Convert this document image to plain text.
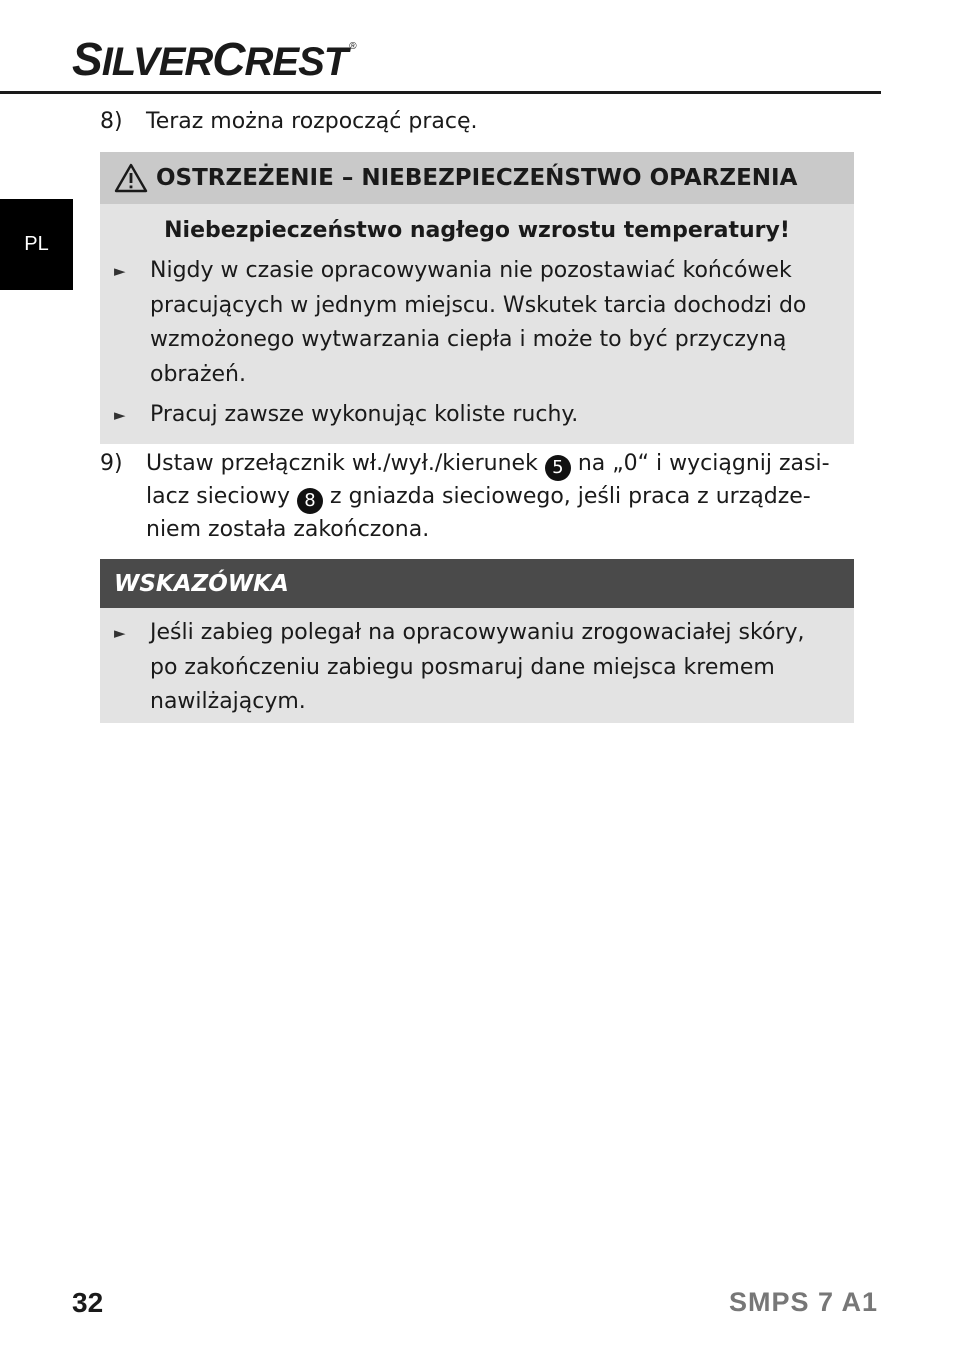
SILVERCREST ®
PL
8)	Teraz można rozpocząć pracę.
OSTRZEŻENIE – NIEBEZPIECZEŃSTWO OPARZENIA
Niebezpieczeństwo nagłego wzrostu temperatury!
►	Nigdy w czasie opracowywania nie pozostawiać końcówek pracujących w jednym miejscu. Wskutek tarcia dochodzi do wzmożonego wytwarzania ciepła i może to być przyczyną obrażeń.
►	Pracuj zawsze wykonując koliste ruchy.
9)	Ustaw przełącznik wł./wył./kierunek 5 na „0“ i wyciągnij zasi-lacz sieciowy 8 z gniazda sieciowego, jeśli praca z urządze-niem została zakończona.
WSKAZÓWKA
►	Jeśli zabieg polegał na opracowywaniu zrogowaciałej skóry, po zakończeniu zabiegu posmaruj dane miejsca kremem nawilżającym.
32	SMPS 7 A1
